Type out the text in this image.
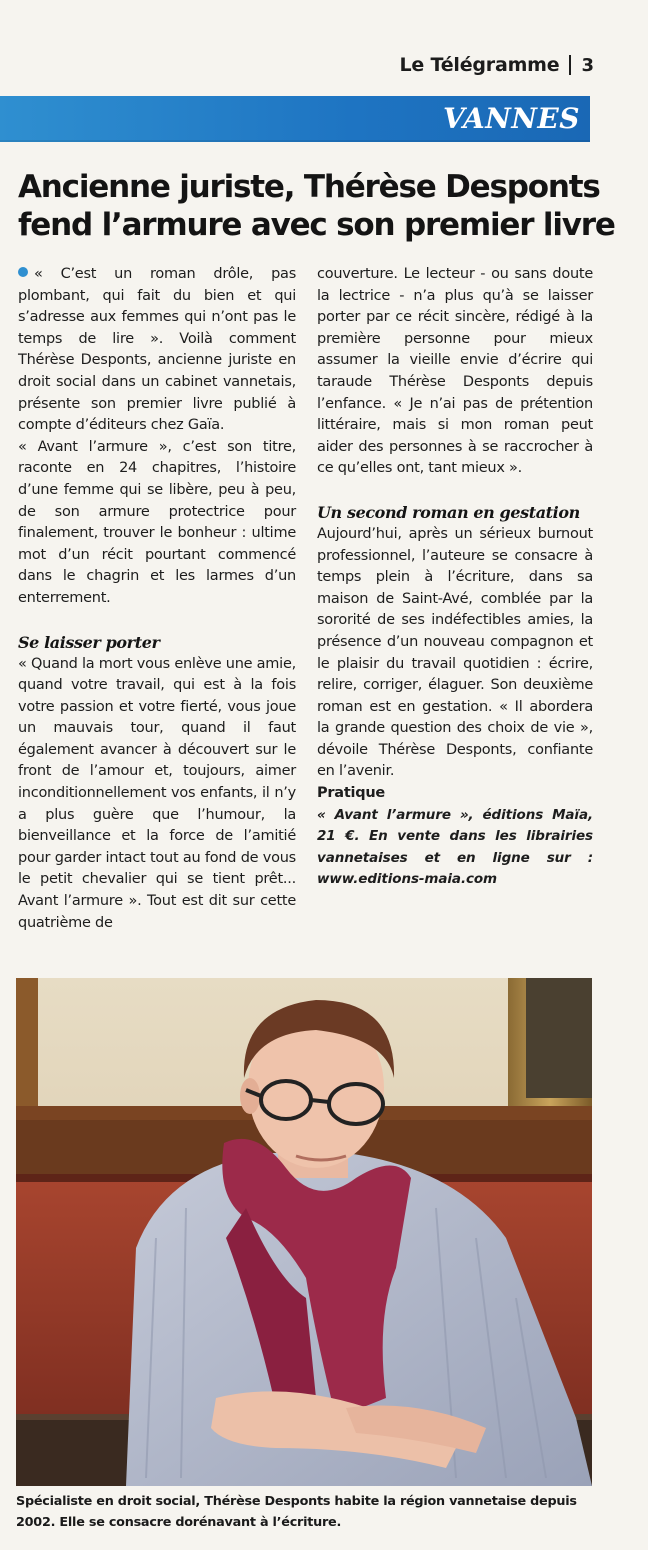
Le Télégramme 3
VANNES
Ancienne juriste, Thérèse Desponts
fend l’armure avec son premier livre

« C’est un roman drôle, pas plombant, qui fait du bien et qui s’adresse aux femmes qui n’ont pas le temps de lire ». Voilà comment Thérèse Desponts, ancienne juriste en droit social dans un cabinet vannetais, présente son premier livre publié à compte d’éditeurs chez Gaïa.

« Avant l’armure », c’est son titre, raconte en 24 chapitres, l’histoire d’une femme qui se libère, peu à peu, de son armure protectrice pour finalement, trouver le bonheur : ultime mot d’un récit pourtant commencé dans le chagrin et les larmes d’un enterrement.

Se laisser porter

« Quand la mort vous enlève une amie, quand votre travail, qui est à la fois votre passion et votre fierté, vous joue un mauvais tour, quand il faut également avancer à découvert sur le front de l’amour et, toujours, aimer inconditionnellement vos enfants, il n’y a plus guère que l’humour, la bienveillance et la force de l’amitié pour garder intact tout au fond de vous le petit chevalier qui se tient prêt... Avant l’armure ». Tout est dit sur cette quatrième de

couverture. Le lecteur - ou sans doute la lectrice - n’a plus qu’à se laisser porter par ce récit sincère, rédigé à la première personne pour mieux assumer la vieille envie d’écrire qui taraude Thérèse Desponts depuis l’enfance. « Je n’ai pas de prétention littéraire, mais si mon roman peut aider des personnes à se raccrocher à ce qu’elles ont, tant mieux ».

Un second roman en gestation

Aujourd’hui, après un sérieux burnout professionnel, l’auteure se consacre à temps plein à l’écriture, dans sa maison de Saint-Avé, comblée par la sororité de ses indéfectibles amies, la présence d’un nouveau compagnon et le plaisir du travail quotidien : écrire, relire, corriger, élaguer. Son deuxième roman est en gestation. « Il abordera la grande question des choix de vie », dévoile Thérèse Desponts, confiante en l’avenir.

Pratique

« Avant l’armure », éditions Maïa, 21 €. En vente dans les librairies vannetaises et en ligne sur : www.editions-maia.com

Spécialiste en droit social, Thérèse Desponts habite la région vannetaise depuis 2002. Elle se consacre dorénavant à l’écriture.
